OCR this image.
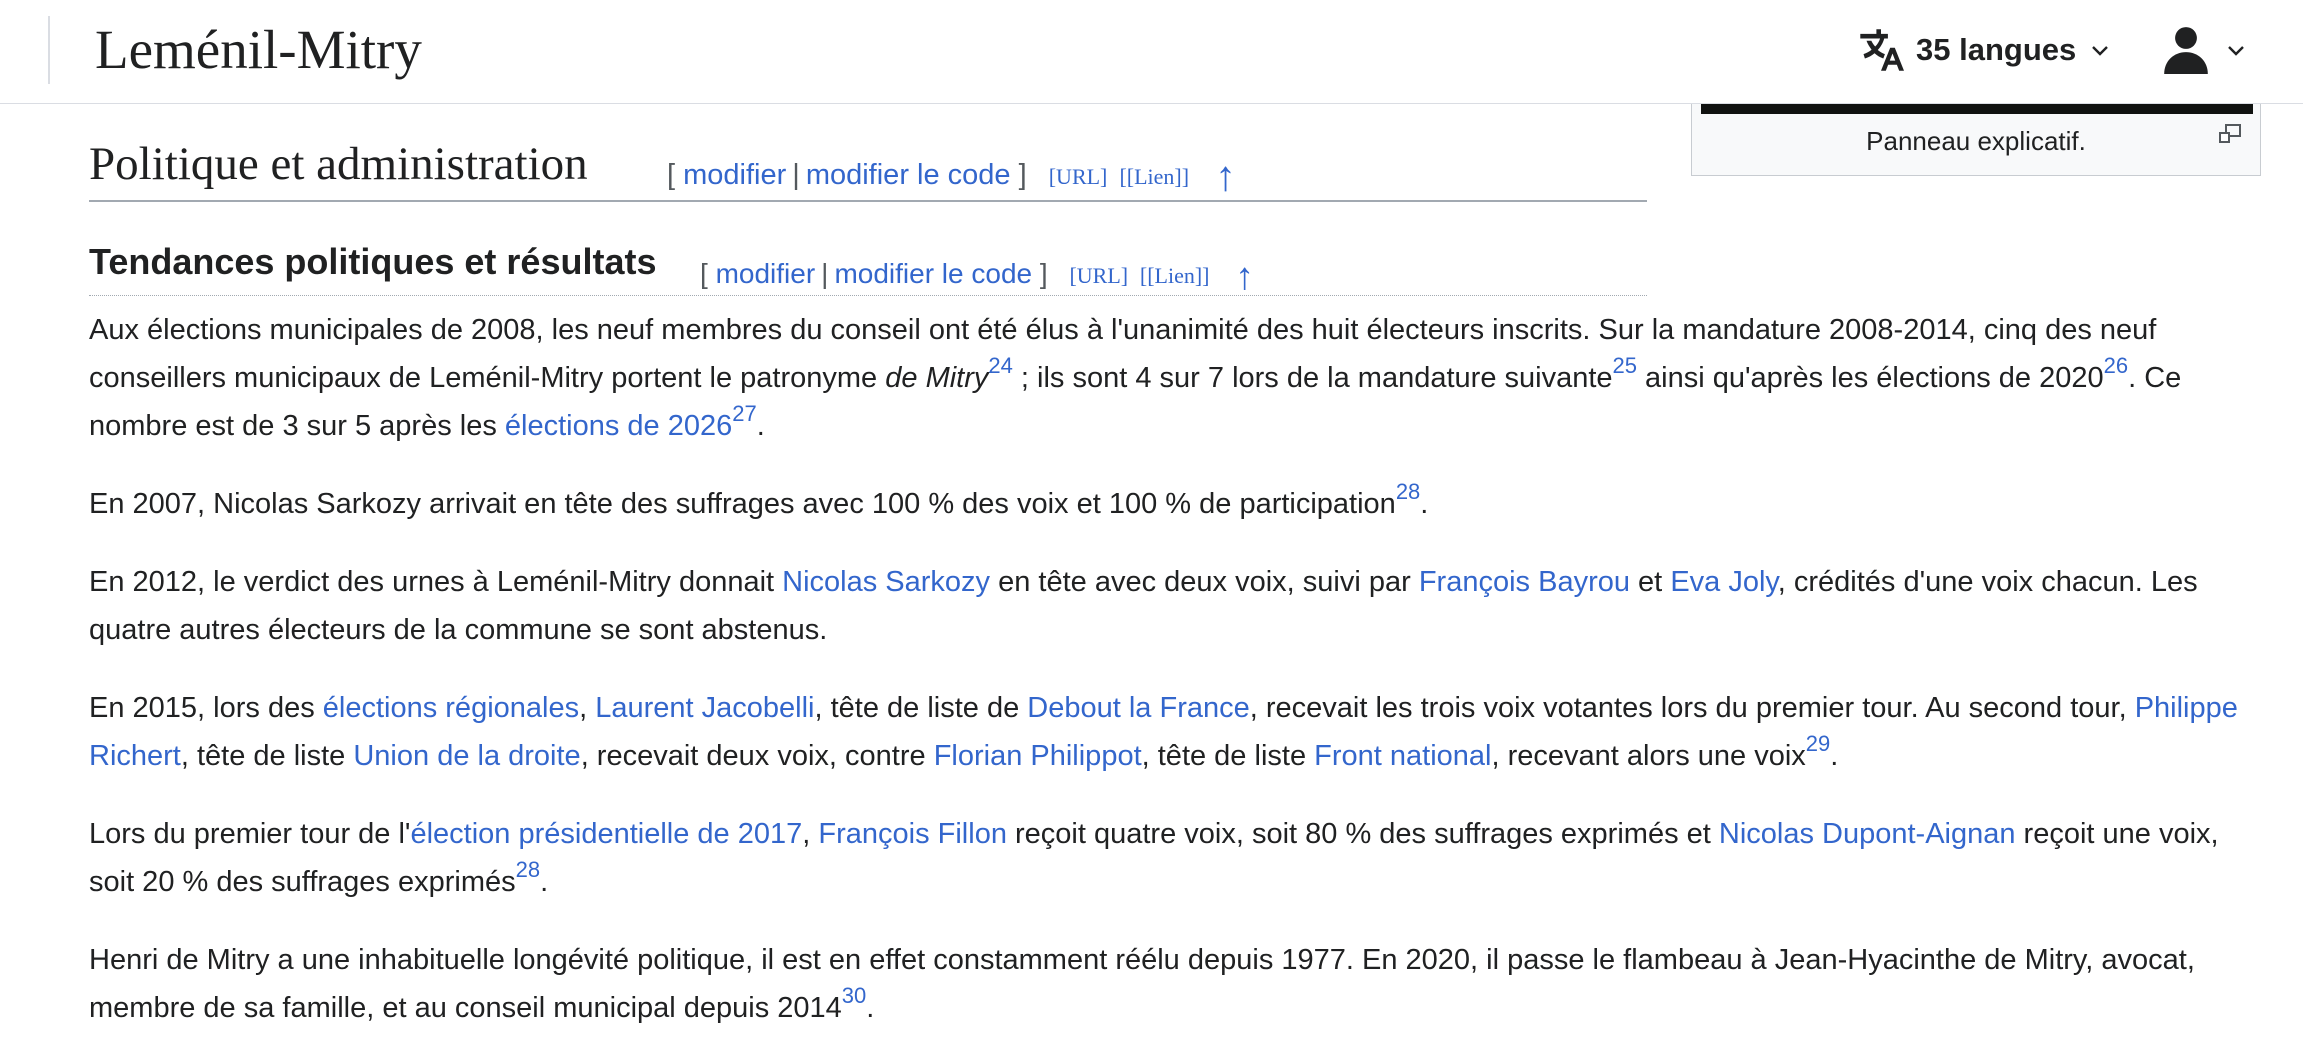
Leménil-Mitry	35 langues
Panneau explicatif.
Politique et administration	[ modifier | modifier le code ] [URL] [[Lien]] ↑
Tendances politiques et résultats [ modifier | modifier le code ] [URL] [[Lien]] ↑

Aux élections municipales de 2008, les neuf membres du conseil ont été élus à l'unanimité des huit électeurs inscrits. Sur la mandature 2008-2014, cinq des neuf conseillers municipaux de Leménil-Mitry portent le patronyme de Mitry$^{24}$ ; ils sont 4 sur 7 lors de la mandature suivante$^{25}$ ainsi qu'après les élections de 2020$^{26}$. Ce nombre est de 3 sur 5 après les élections de 2026$^{27}$.

En 2007, Nicolas Sarkozy arrivait en tête des suffrages avec 100 % des voix et 100 % de participation$^{28}$.

En 2012, le verdict des urnes à Leménil-Mitry donnait Nicolas Sarkozy en tête avec deux voix, suivi par François Bayrou et Eva Joly, crédités d'une voix chacun. Les quatre autres électeurs de la commune se sont abstenus.

En 2015, lors des élections régionales, Laurent Jacobelli, tête de liste de Debout la France, recevait les trois voix votantes lors du premier tour. Au second tour, Philippe Richert, tête de liste Union de la droite, recevait deux voix, contre Florian Philippot, tête de liste Front national, recevant alors une voix$^{29}$.

Lors du premier tour de l'élection présidentielle de 2017, François Fillon reçoit quatre voix, soit 80 % des suffrages exprimés et Nicolas Dupont-Aignan reçoit une voix, soit 20 % des suffrages exprimés$^{28}$.

Henri de Mitry a une inhabituelle longévité politique, il est en effet constamment réélu depuis 1977. En 2020, il passe le flambeau à Jean-Hyacinthe de Mitry, avocat, membre de sa famille, et au conseil municipal depuis 2014$^{30}$.
